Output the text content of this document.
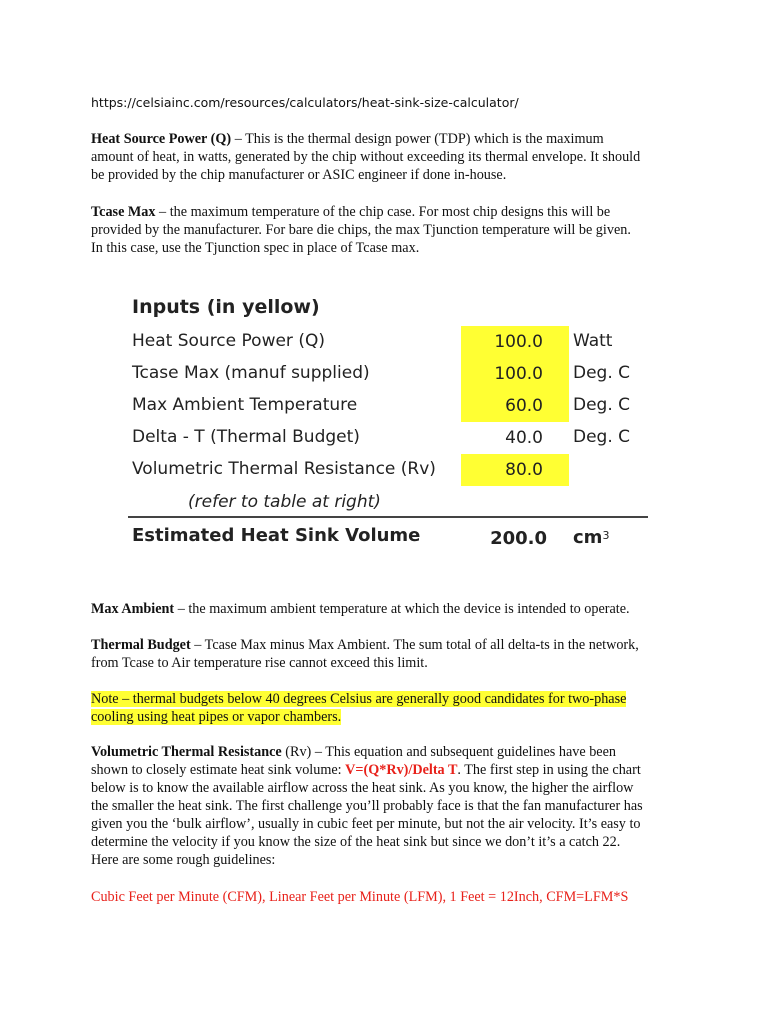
https://celsiainc.com/resources/calculators/heat-sink-size-calculator/
Heat Source Power (Q) – This is the thermal design power (TDP) which is the maximum
amount of heat, in watts, generated by the chip without exceeding its thermal envelope. It should
be provided by the chip manufacturer or ASIC engineer if done in-house.
Tcase Max – the maximum temperature of the chip case. For most chip designs this will be
provided by the manufacturer. For bare die chips, the max Tjunction temperature will be given.
In this case, use the Tjunction spec in place of Tcase max.
Inputs (in yellow)
Heat Source Power (Q)	100.0	Watt
Tcase Max (manuf supplied)	100.0	Deg. C
Max Ambient Temperature	60.0	Deg. C
Delta - T (Thermal Budget)	40.0	Deg. C
Volumetric Thermal Resistance (Rv)	80.0
(refer to table at right)
Estimated Heat Sink Volume	200.0	$cm^3$
Max Ambient – the maximum ambient temperature at which the device is intended to operate.
Thermal Budget – Tcase Max minus Max Ambient. The sum total of all delta-ts in the network,
from Tcase to Air temperature rise cannot exceed this limit.
Note – thermal budgets below 40 degrees Celsius are generally good candidates for two-phase
cooling using heat pipes or vapor chambers.
Volumetric Thermal Resistance (Rv) – This equation and subsequent guidelines have been
shown to closely estimate heat sink volume: V=(Q*Rv)/Delta T. The first step in using the chart
below is to know the available airflow across the heat sink. As you know, the higher the airflow
the smaller the heat sink. The first challenge you’ll probably face is that the fan manufacturer has
given you the ‘bulk airflow’, usually in cubic feet per minute, but not the air velocity. It’s easy to
determine the velocity if you know the size of the heat sink but since we don’t it’s a catch 22.
Here are some rough guidelines:
Cubic Feet per Minute (CFM), Linear Feet per Minute (LFM), 1 Feet = 12Inch, CFM=LFM*S
